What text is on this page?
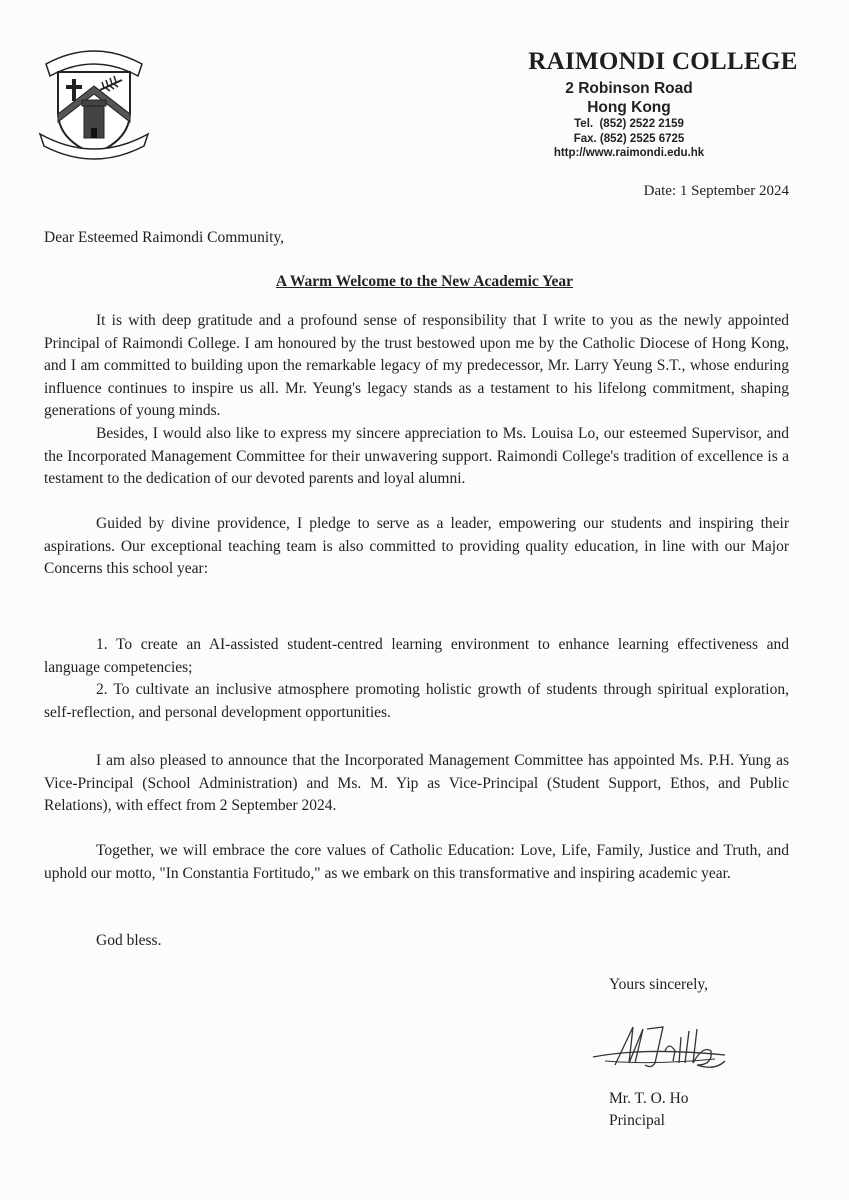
RAIMONDI COLLEGE
2 Robinson Road
Hong Kong
Tel.  (852) 2522 2159
Fax. (852) 2525 6725
http://www.raimondi.edu.hk
Date: 1 September 2024
Dear Esteemed Raimondi Community,
A Warm Welcome to the New Academic Year

It is with deep gratitude and a profound sense of responsibility that I write to you as the newly appointed Principal of Raimondi College. I am honoured by the trust bestowed upon me by the Catholic Diocese of Hong Kong, and I am committed to building upon the remarkable legacy of my predecessor, Mr. Larry Yeung S.T., whose enduring influence continues to inspire us all. Mr. Yeung's legacy stands as a testament to his lifelong commitment, shaping generations of young minds.

Besides, I would also like to express my sincere appreciation to Ms. Louisa Lo, our esteemed Supervisor, and the Incorporated Management Committee for their unwavering support. Raimondi College's tradition of excellence is a testament to the dedication of our devoted parents and loyal alumni.

Guided by divine providence, I pledge to serve as a leader, empowering our students and inspiring their aspirations. Our exceptional teaching team is also committed to providing quality education, in line with our Major Concerns this school year:

1. To create an AI-assisted student-centred learning environment to enhance learning effectiveness and language competencies;

2. To cultivate an inclusive atmosphere promoting holistic growth of students through spiritual exploration, self-reflection, and personal development opportunities.

I am also pleased to announce that the Incorporated Management Committee has appointed Ms. P.H. Yung as Vice-Principal (School Administration) and Ms. M. Yip as Vice-Principal (Student Support, Ethos, and Public Relations), with effect from 2 September 2024.

Together, we will embrace the core values of Catholic Education: Love, Life, Family, Justice and Truth, and uphold our motto, "In Constantia Fortitudo," as we embark on this transformative and inspiring academic year.

God bless.

Yours sincerely,
Mr. T. O. Ho
Principal
